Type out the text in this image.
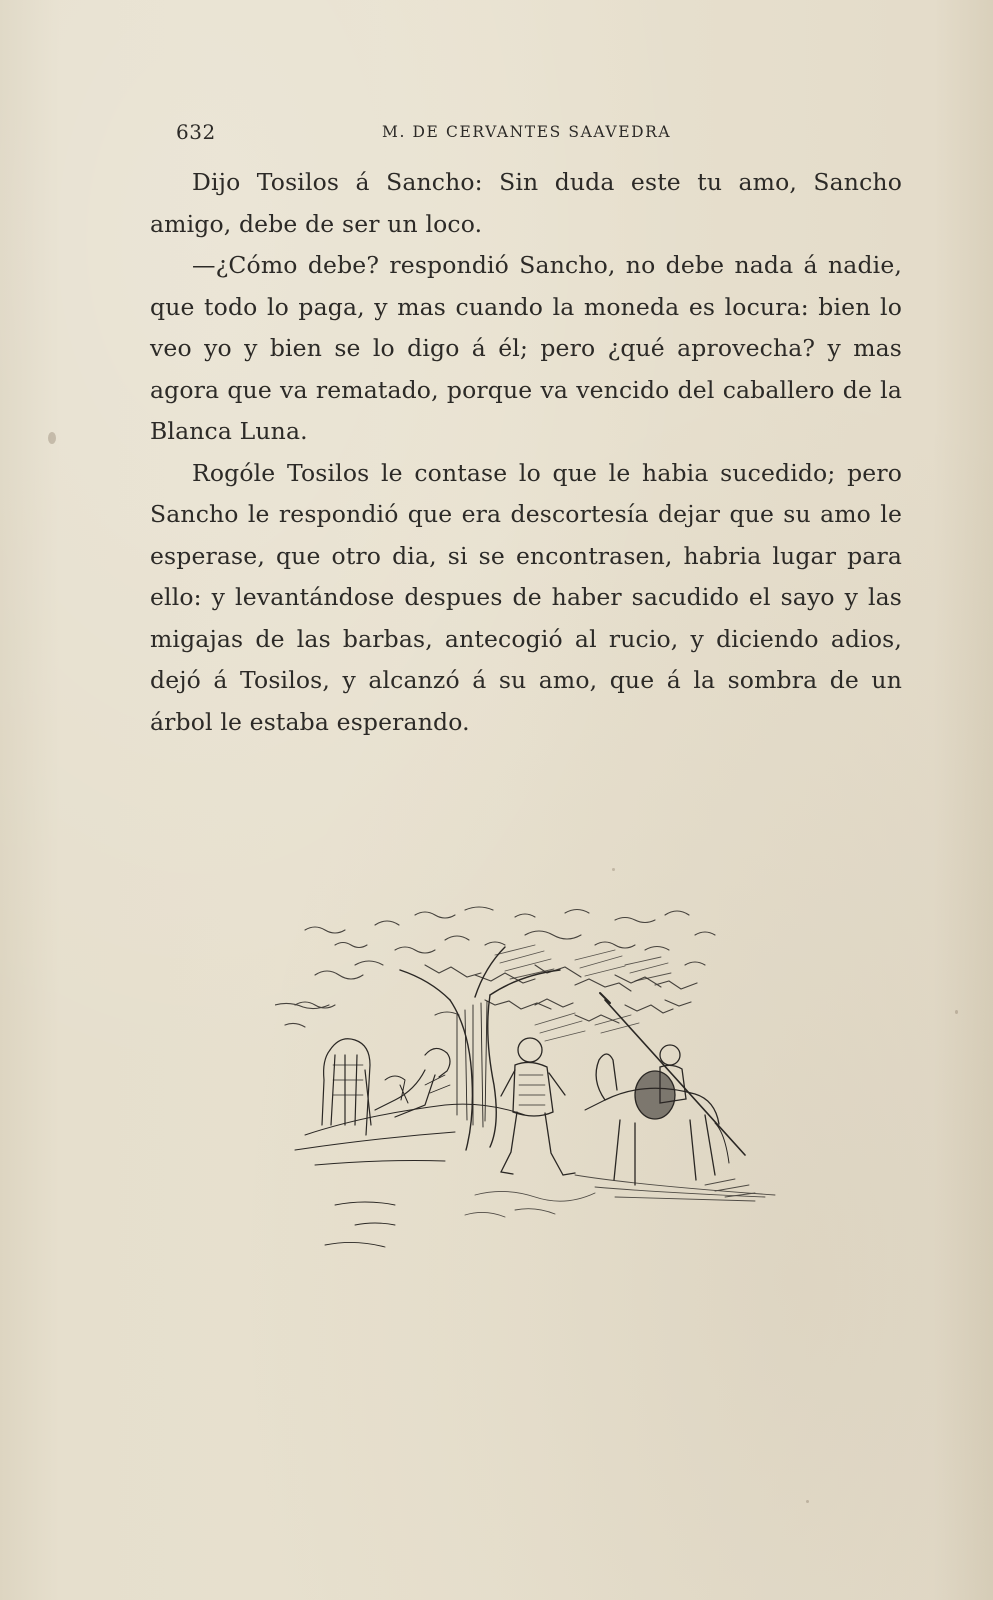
632	M. DE CERVANTES SAAVEDRA

Dijo Tosilos á Sancho: Sin duda este tu amo, Sancho amigo, debe de ser un loco.

—¿Cómo debe? respondió Sancho, no debe nada á nadie, que todo lo paga, y mas cuando la moneda es locura: bien lo veo yo y bien se lo digo á él; pero ¿qué aprovecha? y mas agora que va rematado, porque va vencido del caballero de la Blanca Luna.

Rogóle Tosilos le contase lo que le habia sucedido; pero Sancho le respondió que era descortesía dejar que su amo le esperase, que otro dia, si se encontrasen, habria lugar para ello: y levantándose despues de haber sacudido el sayo y las migajas de las barbas, antecogió al rucio, y diciendo adios, dejó á Tosilos, y alcanzó á su amo, que á la sombra de un árbol le estaba esperando.
